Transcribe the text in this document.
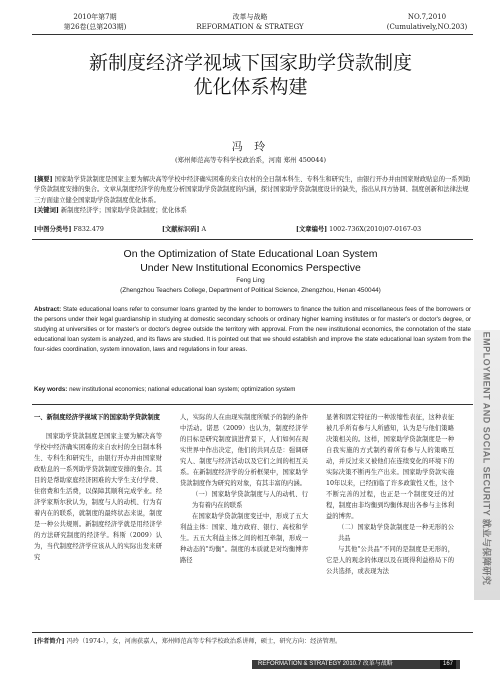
2010年第7期
第26卷(总第203期)
改革与战略
REFORMATION & STRATEGY
NO.7,2010
(Cumulatively,NO.203)
新制度经济学视域下国家助学贷款制度
优化体系构建
冯 玲
(郑州师范高等专科学校政治系，河南 郑州 450044)
[摘要] 国家助学贷款制度是国家主要为解决高等学校中经济确实困难的来自农村的全日制本科生、专科生和研究生，由银行开办并由国家财政贴息的一系列助学贷款制度安排的集合。文章从制度经济学的角度分析国家助学贷款制度的内涵，探讨国家助学贷款制度设计的缺失，指出从四方协调、制度创新和法律法规三方面建立健全国家助学贷款制度优化体系。
[关键词] 新制度经济学；国家助学贷款制度；优化体系
[中图分类号] F832.479	[文献标识码] A	[文章编号] 1002-736X(2010)07-0167-03
On the Optimization of State Educational Loan System
Under New Institutional Economics Perspective
Feng Ling
(Zhengzhou Teachers College, Department of Political Science, Zhengzhou, Henan 450044)
Abstract: State educational loans refer to consumer loans granted by the lender to borrowers to finance the tuition and miscellaneous fees of the borrowers or the persons under their legal guardianship in studying at domestic secondary schools or ordinary higher learning institutes or for master's or doctor's degree, or studying at universities or for master's or doctor's degree outside the territory with approval. From the new institutional economics, the connotation of the state educational loan system is analyzed, and its flaws are studied. It is pointed out that we should establish and improve the state educational loan system from the four-sides coordination, system innovation, laws and regulations in four areas.
Key words: new institutional economics; national educational loan system; optimization system

一、新制度经济学视域下的国家助学贷款制度

国家助学贷款制度是国家主要为解决高等学校中经济确实困难的来自农村的全日制本科生、专科生和研究生，由银行开办并由国家财政贴息的一系列助学贷款制度安排的集合。其目的是帮助家庭经济困难的大学生支付学费、住宿费和生活费，以保障其顺利完成学业。经济学家斯尔狄认为，制度与人的动机、行为有着内在的联系，就制度的最终状态来说，制度是一种公共规则。新制度经济学就是用经济学的方法研究制度的经济学。科斯（2009）认为，当代制度经济学应该从人的实际出发来研究

人，实际的人在由现实制度所赋予的制约条件中活动。诺思（2009）也认为，制度经济学的目标是研究制度演进背景下，人们如何在现实世界中作出决定，他们的共同点是：强调研究人、制度与经济活动以及它们之间的相互关系。在新制度经济学的分析框架中，国家助学贷款制度作为研究的对象，有其丰富的内涵。

（一）国家助学贷款制度与人的动机、行为有着内在的联系

在国家助学贷款制度变迁中，形成了五大利益主体：国家、地方政府、银行、高校和学生。五五大利益主体之间的相互牵制，形成一种动态的"均衡"。制度的本质就是对均衡博弈路径

显著和固定特征的一种浓缩性表征，这种表征被几乎所有参与人所感知，认为是与他们策略决策相关的。这样，国家助学贷款制度是一种自我实施的方式制约着所有参与人的策略互动，并反过来又被他们在连续变化的环境下的实际决策不断再生产出来。国家助学贷款实施10年以来，已经面临了许多政策性又性，这个不断完善的过程，也正是一个制度变迁的过程，制度由非均衡到均衡体现出各参与主体利益的博弈。

（二）国家助学贷款制度是一种无形的公共品

与其他"公共品"不同的是制度是无形的，它是人的观念的体现以及在既得利益格局下的公共选择，或表现为法

[作者简介] 冯玲（1974-），女，河南获嘉人，郑州师范高等专科学校政治系讲师，硕士，研究方向：经济管理。
REFORMATION & STRATEGY 2010.7 改革与战略	167
EMPLOYMENT AND SOCIAL SECURITY 就业与保障研究
